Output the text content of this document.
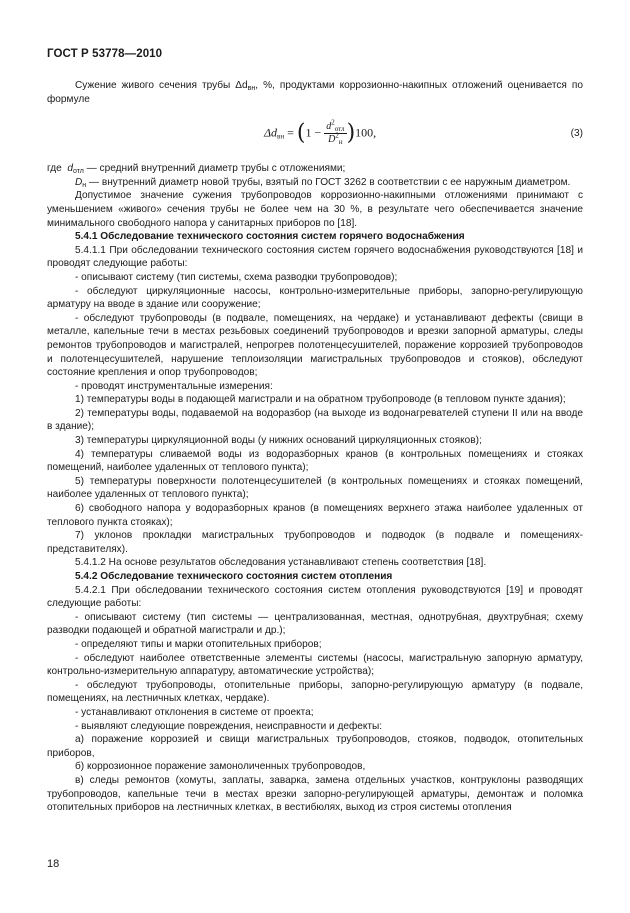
ГОСТ Р 53778—2010

Сужение живого сечения трубы $\Delta d_{вн}$, %, продуктами коррозионно-накипных отложений оценивается по формуле

$\Delta d_{вн} = (1 - \frac{d^2_{отл}}{D^2_н} )100$,	(3)

где $d_{отл}$ — средний внутренний диаметр трубы с отложениями;

$D_н$ — внутренний диаметр новой трубы, взятый по ГОСТ 3262 в соответствии с ее наружным диаметром.

Допустимое значение сужения трубопроводов коррозионно-накипными отложениями принимают с уменьшением «живого» сечения трубы не более чем на 30 %, в результате чего обеспечивается значение минимального свободного напора у санитарных приборов по [18].

5.4.1 Обследование технического состояния систем горячего водоснабжения

5.4.1.1 При обследовании технического состояния систем горячего водоснабжения руководствуются [18] и проводят следующие работы:

- описывают систему (тип системы, схема разводки трубопроводов);

- обследуют циркуляционные насосы, контрольно-измерительные приборы, запорно-регулирующую арматуру на вводе в здание или сооружение;

- обследуют трубопроводы (в подвале, помещениях, на чердаке) и устанавливают дефекты (свищи в металле, капельные течи в местах резьбовых соединений трубопроводов и врезки запорной арматуры, следы ремонтов трубопроводов и магистралей, непрогрев полотенцесушителей, поражение коррозией трубопроводов и полотенцесушителей, нарушение теплоизоляции магистральных трубопроводов и стояков), обследуют состояние крепления и опор трубопроводов;

- проводят инструментальные измерения:

1) температуры воды в подающей магистрали и на обратном трубопроводе (в тепловом пункте здания);

2) температуры воды, подаваемой на водоразбор (на выходе из водонагревателей ступени II или на вводе в здание);

3) температуры циркуляционной воды (у нижних оснований циркуляционных стояков);

4) температуры сливаемой воды из водоразборных кранов (в контрольных помещениях и стояках помещений, наиболее удаленных от теплового пункта);

5) температуры поверхности полотенцесушителей (в контрольных помещениях и стояках помещений, наиболее удаленных от теплового пункта);

6) свободного напора у водоразборных кранов (в помещениях верхнего этажа наиболее удаленных от теплового пункта стояках);

7) уклонов прокладки магистральных трубопроводов и подводок (в подвале и помещениях-представителях).

5.4.1.2 На основе результатов обследования устанавливают степень соответствия [18].

5.4.2 Обследование технического состояния систем отопления

5.4.2.1 При обследовании технического состояния систем отопления руководствуются [19] и проводят следующие работы:

- описывают систему (тип системы — централизованная, местная, однотрубная, двухтрубная; схему разводки подающей и обратной магистрали и др.);

- определяют типы и марки отопительных приборов;

- обследуют наиболее ответственные элементы системы (насосы, магистральную запорную арматуру, контрольно-измерительную аппаратуру, автоматические устройства);

- обследуют трубопроводы, отопительные приборы, запорно-регулирующую арматуру (в подвале, помещениях, на лестничных клетках, чердаке).

- устанавливают отклонения в системе от проекта;

- выявляют следующие повреждения, неисправности и дефекты:

а) поражение коррозией и свищи магистральных трубопроводов, стояков, подводок, отопительных приборов,

б) коррозионное поражение замоноличенных трубопроводов,

в) следы ремонтов (хомуты, заплаты, заварка, замена отдельных участков, контруклоны разводящих трубопроводов, капельные течи в местах врезки запорно-регулирующей арматуры, демонтаж и поломка отопительных приборов на лестничных клетках, в вестибюлях, выход из строя системы отопления

18
